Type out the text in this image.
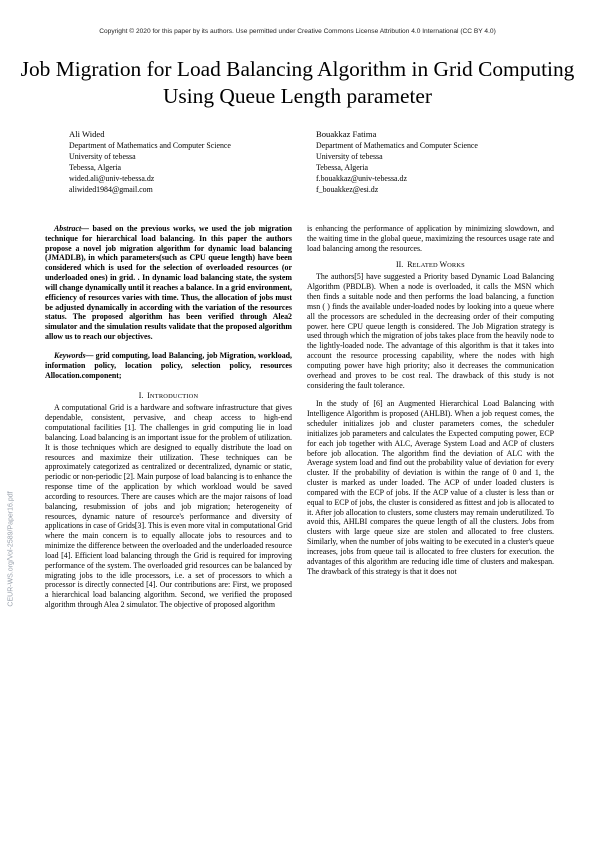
Copyright © 2020 for this paper by its authors. Use permitted under Creative Commons License Attribution 4.0 International (CC BY 4.0)
Job Migration for Load Balancing Algorithm in Grid Computing Using Queue Length parameter
Ali Wided
Department of Mathematics and Computer Science
University of tebessa
Tebessa, Algeria
wided.ali@univ-tebessa.dz
aliwided1984@gmail.com
Bouakkaz Fatima
Department of Mathematics and Computer Science
University of tebessa
Tebessa, Algeria
f.bouakkaz@univ-tebessa.dz
f_bouakkez@esi.dz

Abstract— based on the previous works, we used the job migration technique for hierarchical load balancing. In this paper the authors propose a novel job migration algorithm for dynamic load balancing (JMADLB), in which parameters(such as CPU queue length) have been considered which is used for the selection of overloaded resources (or underloaded ones) in grid. . In dynamic load balancing state, the system will change dynamically until it reaches a balance. In a grid environment, efficiency of resources varies with time. Thus, the allocation of jobs must be adjusted dynamically in according with the variation of the resources status. The proposed algorithm has been verified through Alea2 simulator and the simulation results validate that the proposed algorithm allow us to reach our objectives.

Keywords— grid computing, load Balancing, job Migration, workload, information policy, location policy, selection policy, resources Allocation.component;

I. INTRODUCTION

A computational Grid is a hardware and software infrastructure that gives dependable, consistent, pervasive, and cheap access to high-end computational facilities [1]. The challenges in grid computing lie in load balancing. Load balancing is an important issue for the problem of utilization. It is those techniques which are designed to equally distribute the load on resources and maximize their utilization. These techniques can be approximately categorized as centralized or decentralized, dynamic or static, periodic or non-periodic [2]. Main purpose of load balancing is to enhance the response time of the application by which workload would be saved according to resources. There are causes which are the major raisons of load balancing, resubmission of jobs and job migration; heterogeneity of resources, dynamic nature of resource's performance and diversity of applications in case of Grids[3]. This is even more vital in computational Grid where the main concern is to equally allocate jobs to resources and to minimize the difference between the overloaded and the underloaded resource load [4]. Efficient load balancing through the Grid is required for improving performance of the system. The overloaded grid resources can be balanced by migrating jobs to the idle processors, i.e. a set of processors to which a processor is directly connected [4]. Our contributions are: First, we proposed a hierarchical load balancing algorithm. Second, we verified the proposed algorithm through Alea 2 simulator. The objective of proposed algorithm

is enhancing the performance of application by minimizing slowdown, and the waiting time in the global queue, maximizing the resources usage rate and load balancing among the resources.

II. RELATED WORKS

The authors[5] have suggested a Priority based Dynamic Load Balancing Algorithm (PBDLB). When a node is overloaded, it calls the MSN which then finds a suitable node and then performs the load balancing, a function msn ( ) finds the available under-loaded nodes by looking into a queue where all the processors are scheduled in the decreasing order of their computing power. here CPU queue length is considered. The Job Migration strategy is used through which the migration of jobs takes place from the heavily node to the lightly-loaded node. The advantage of this algorithm is that it takes into account the resource processing capability, where the nodes with high computing power have high priority; also it decreases the communication overhead and proves to be cost real. The drawback of this study is not considering the fault tolerance.

In the study of [6] an Augmented Hierarchical Load Balancing with Intelligence Algorithm is proposed (AHLBI). When a job request comes, the scheduler initializes job and cluster parameters comes, the scheduler initializes job parameters and calculates the Expected computing power, ECP for each job together with ALC, Average System Load and ACP of clusters before job allocation. The algorithm find the deviation of ALC with the Average system load and find out the probability value of deviation for every cluster. If the probability of deviation is within the range of 0 and 1, the cluster is marked as under loaded. The ACP of under loaded clusters is compared with the ECP of jobs. If the ACP value of a cluster is less than or equal to ECP of jobs, the cluster is considered as fittest and job is allocated to it. After job allocation to clusters, some clusters may remain underutilized. To avoid this, AHLBI compares the queue length of all the clusters. Jobs from clusters with large queue size are stolen and allocated to free clusters. Similarly, when the number of jobs waiting to be executed in a cluster's queue increases, jobs from queue tail is allocated to free clusters for execution. the advantages of this algorithm are reducing idle time of clusters and makespan. The drawback of this strategy is that it does not

CEUR-WS.org/Vol-2589/Paper16.pdf
